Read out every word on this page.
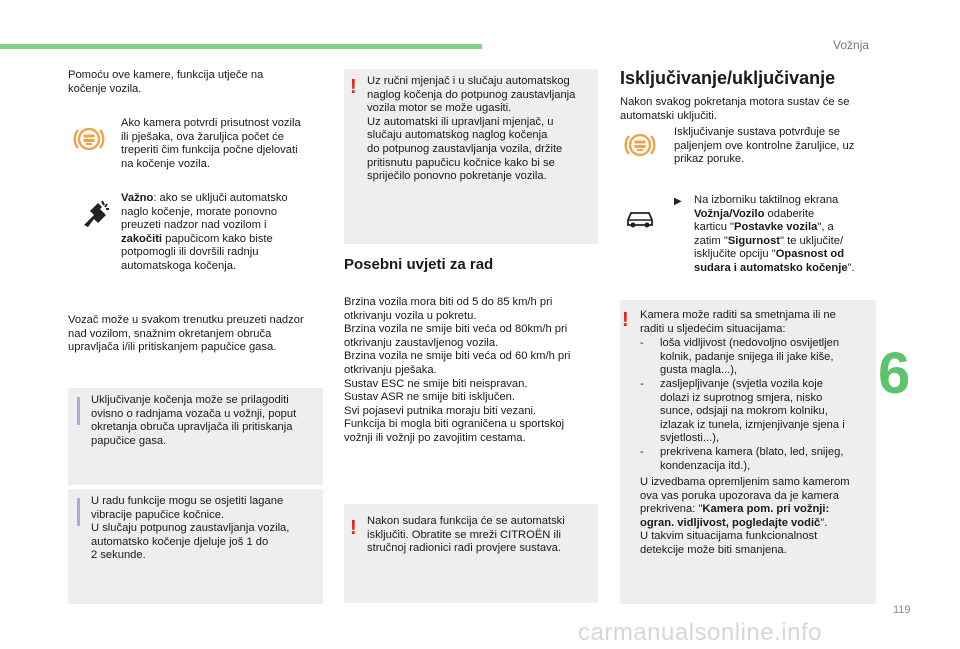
Vožnja
6
119
carmanualsonline.info
Pomoću ove kamere, funkcija utječe na
kočenje vozila.
Ako kamera potvrdi prisutnost vozila
ili pješaka, ova žaruljica počet će
treperiti čim funkcija počne djelovati
na kočenje vozila.
Važno: ako se uključi automatsko
naglo kočenje, morate ponovno
preuzeti nadzor nad vozilom i
zakočiti papučicom kako biste
potpomogli ili dovršili radnju
automatskoga kočenja.
Vozač može u svakom trenutku preuzeti nadzor
nad vozilom, snažnim okretanjem obruča
upravljača i/ili pritiskanjem papučice gasa.
Uključivanje kočenja može se prilagoditi
ovisno o radnjama vozača u vožnji, poput
okretanja obruča upravljača ili pritiskanja
papučice gasa.
U radu funkcije mogu se osjetiti lagane
vibracije papučice kočnice.
U slučaju potpunog zaustavljanja vozila,
automatsko kočenje djeluje još 1 do
2 sekunde.
! Uz ručni mjenjač i u slučaju automatskog
naglog kočenja do potpunog zaustavljanja
vozila motor se može ugasiti.
Uz automatski ili upravljani mjenjač, u
slučaju automatskog naglog kočenja
do potpunog zaustavljanja vozila, držite
pritisnutu papučicu kočnice kako bi se
spriječilo ponovno pokretanje vozila.
Posebni uvjeti za rad
Brzina vozila mora biti od 5 do 85 km/h pri
otkrivanju vozila u pokretu.
Brzina vozila ne smije biti veća od 80km/h pri
otkrivanju zaustavljenog vozila.
Brzina vozila ne smije biti veća od 60 km/h pri
otkrivanju pješaka.
Sustav ESC ne smije biti neispravan.
Sustav ASR ne smije biti isključen.
Svi pojasevi putnika moraju biti vezani.
Funkcija bi mogla biti ograničena u sportskoj
vožnji ili vožnji po zavojitim cestama.
! Nakon sudara funkcija će se automatski
isključiti. Obratite se mreži CITROËN ili
stručnoj radionici radi provjere sustava.
Isključivanje/uključivanje
Nakon svakog pokretanja motora sustav će se
automatski uključiti.
Isključivanje sustava potvrđuje se
paljenjem ove kontrolne žaruljice, uz
prikaz poruke.
▶ Na izborniku taktilnog ekrana
Vožnja/Vozilo odaberite
karticu "Postavke vozila", a
zatim "Sigurnost" te uključite/
isključite opciju "Opasnost od
sudara i automatsko kočenje".
! Kamera može raditi sa smetnjama ili ne
raditi u sljedećim situacijama:
- loša vidljivost (nedovoljno osvijetljen
kolnik, padanje snijega ili jake kiše,
gusta magla...),
- zasljepljivanje (svjetla vozila koje
dolazi iz suprotnog smjera, nisko
sunce, odsjaji na mokrom kolniku,
izlazak iz tunela, izmjenjivanje sjena i
svjetlosti...),
- prekrivena kamera (blato, led, snijeg,
kondenzacija itd.),
U izvedbama opremljenim samo kamerom
ova vas poruka upozorava da je kamera
prekrivena: "Kamera pom. pri vožnji:
ogran. vidljivost, pogledajte vodič".
U takvim situacijama funkcionalnost
detekcije može biti smanjena.
